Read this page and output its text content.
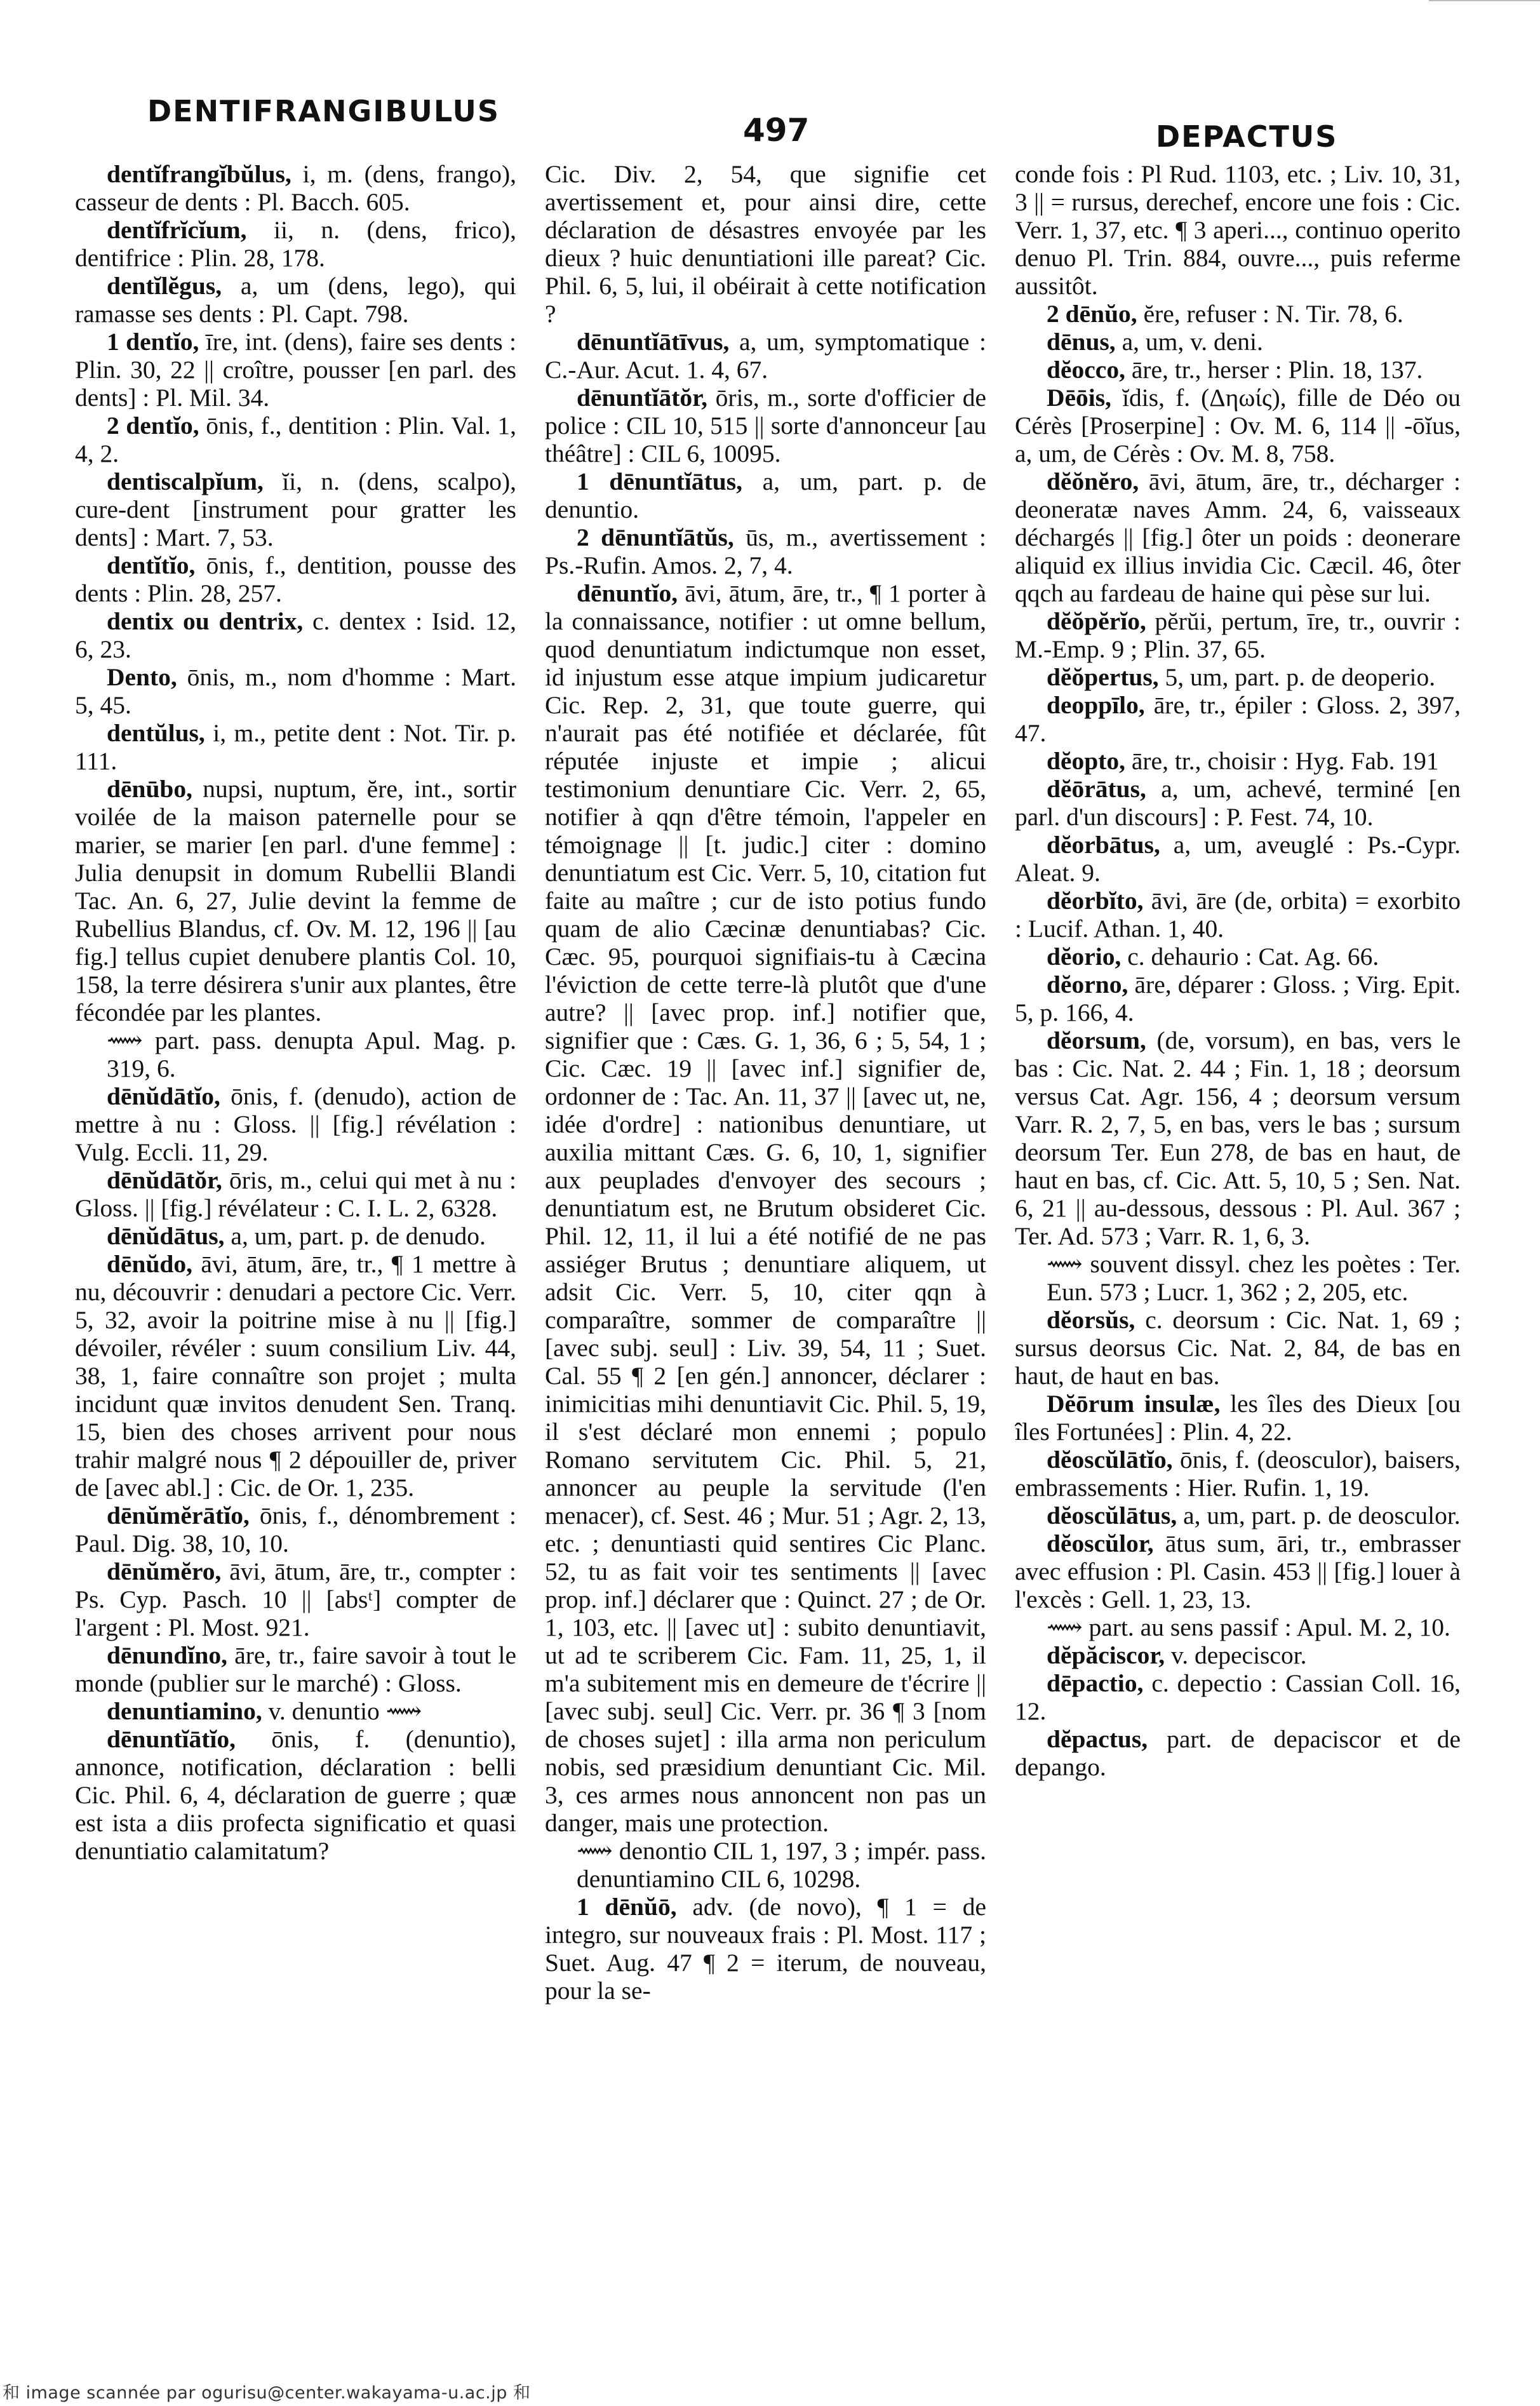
DENTIFRANGIBULUS
497	DEPACTUS

dentĭfrangĭbŭlus, i, m. (dens, frango), casseur de dents : Pl. Bacch. 605.

dentĭfrĭcĭum, ii, n. (dens, frico), dentifrice : Plin. 28, 178.

dentĭlĕgus, a, um (dens, lego), qui ramasse ses dents : Pl. Capt. 798.

1 dentĭo, īre, int. (dens), faire ses dents : Plin. 30, 22 || croître, pousser [en parl. des dents] : Pl. Mil. 34.

2 dentĭo, ōnis, f., dentition : Plin. Val. 1, 4, 2.

dentiscalpĭum, ĭi, n. (dens, scalpo), cure-dent [instrument pour gratter les dents] : Mart. 7, 53.

dentĭtĭo, ōnis, f., dentition, pousse des dents : Plin. 28, 257.

dentix ou dentrix, c. dentex : Isid. 12, 6, 23.

Dento, ōnis, m., nom d'homme : Mart. 5, 45.

dentŭlus, i, m., petite dent : Not. Tir. p. 111.

dēnūbo, nupsi, nuptum, ĕre, int., sortir voilée de la maison paternelle pour se marier, se marier [en parl. d'une femme] : Julia denupsit in domum Rubellii Blandi Tac. An. 6, 27, Julie devint la femme de Rubellius Blandus, cf. Ov. M. 12, 196 || [au fig.] tellus cupiet denubere plantis Col. 10, 158, la terre désirera s'unir aux plantes, être fécondée par les plantes.

⟿ part. pass. denupta Apul. Mag. p. 319, 6.

dēnŭdātĭo, ōnis, f. (denudo), action de mettre à nu : Gloss. || [fig.] révélation : Vulg. Eccli. 11, 29.

dēnŭdātŏr, ōris, m., celui qui met à nu : Gloss. || [fig.] révélateur : C. I. L. 2, 6328.

dēnŭdātus, a, um, part. p. de denudo.

dēnŭdo, āvi, ātum, āre, tr., ¶ 1 mettre à nu, découvrir : denudari a pectore Cic. Verr. 5, 32, avoir la poitrine mise à nu || [fig.] dévoiler, révéler : suum consilium Liv. 44, 38, 1, faire connaître son projet ; multa incidunt quæ invitos denudent Sen. Tranq. 15, bien des choses arrivent pour nous trahir malgré nous ¶ 2 dépouiller de, priver de [avec abl.] : Cic. de Or. 1, 235.

dēnŭmĕrātĭo, ōnis, f., dénombrement : Paul. Dig. 38, 10, 10.

dēnŭmĕro, āvi, ātum, āre, tr., compter : Ps. Cyp. Pasch. 10 || [absᵗ] compter de l'argent : Pl. Most. 921.

dēnundĭno, āre, tr., faire savoir à tout le monde (publier sur le marché) : Gloss.

denuntiamino, v. denuntio ⟿

dēnuntĭātĭo, ōnis, f. (denuntio), annonce, notification, déclaration : belli Cic. Phil. 6, 4, déclaration de guerre ; quæ est ista a diis profecta significatio et quasi denuntiatio calamitatum?

Cic. Div. 2, 54, que signifie cet avertissement et, pour ainsi dire, cette déclaration de désastres envoyée par les dieux ? huic denuntiationi ille pareat? Cic. Phil. 6, 5, lui, il obéirait à cette notification ?

dēnuntĭātīvus, a, um, symptomatique : C.-Aur. Acut. 1. 4, 67.

dēnuntĭātŏr, ōris, m., sorte d'officier de police : CIL 10, 515 || sorte d'annonceur [au théâtre] : CIL 6, 10095.

1 dēnuntĭātus, a, um, part. p. de denuntio.

2 dēnuntĭātŭs, ūs, m., avertissement : Ps.-Rufin. Amos. 2, 7, 4.

dēnuntĭo, āvi, ātum, āre, tr., ¶ 1 porter à la connaissance, notifier : ut omne bellum, quod denuntiatum indictumque non esset, id injustum esse atque impium judicaretur Cic. Rep. 2, 31, que toute guerre, qui n'aurait pas été notifiée et déclarée, fût réputée injuste et impie ; alicui testimonium denuntiare Cic. Verr. 2, 65, notifier à qqn d'être témoin, l'appeler en témoignage || [t. judic.] citer : domino denuntiatum est Cic. Verr. 5, 10, citation fut faite au maître ; cur de isto potius fundo quam de alio Cæcinæ denuntiabas? Cic. Cæc. 95, pourquoi signifiais-tu à Cæcina l'éviction de cette terre-là plutôt que d'une autre? || [avec prop. inf.] notifier que, signifier que : Cæs. G. 1, 36, 6 ; 5, 54, 1 ; Cic. Cæc. 19 || [avec inf.] signifier de, ordonner de : Tac. An. 11, 37 || [avec ut, ne, idée d'ordre] : nationibus denuntiare, ut auxilia mittant Cæs. G. 6, 10, 1, signifier aux peuplades d'envoyer des secours ; denuntiatum est, ne Brutum obsideret Cic. Phil. 12, 11, il lui a été notifié de ne pas assiéger Brutus ; denuntiare aliquem, ut adsit Cic. Verr. 5, 10, citer qqn à comparaître, sommer de comparaître || [avec subj. seul] : Liv. 39, 54, 11 ; Suet. Cal. 55 ¶ 2 [en gén.] annoncer, déclarer : inimicitias mihi denuntiavit Cic. Phil. 5, 19, il s'est déclaré mon ennemi ; populo Romano servitutem Cic. Phil. 5, 21, annoncer au peuple la servitude (l'en menacer), cf. Sest. 46 ; Mur. 51 ; Agr. 2, 13, etc. ; denuntiasti quid sentires Cic Planc. 52, tu as fait voir tes sentiments || [avec prop. inf.] déclarer que : Quinct. 27 ; de Or. 1, 103, etc. || [avec ut] : subito denuntiavit, ut ad te scriberem Cic. Fam. 11, 25, 1, il m'a subitement mis en demeure de t'écrire || [avec subj. seul] Cic. Verr. pr. 36 ¶ 3 [nom de choses sujet] : illa arma non periculum nobis, sed præsidium denuntiant Cic. Mil. 3, ces armes nous annoncent non pas un danger, mais une protection.

⟿ denontio CIL 1, 197, 3 ; impér. pass. denuntiamino CIL 6, 10298.

1 dēnŭō, adv. (de novo), ¶ 1 = de integro, sur nouveaux frais : Pl. Most. 117 ; Suet. Aug. 47 ¶ 2 = iterum, de nouveau, pour la se-

conde fois : Pl Rud. 1103, etc. ; Liv. 10, 31, 3 || = rursus, derechef, encore une fois : Cic. Verr. 1, 37, etc. ¶ 3 aperi..., continuo operito denuo Pl. Trin. 884, ouvre..., puis referme aussitôt.

2 dēnŭo, ĕre, refuser : N. Tir. 78, 6.

dēnus, a, um, v. deni.

dĕocco, āre, tr., herser : Plin. 18, 137.

Dēōis, ĭdis, f. (Δηωίς), fille de Déo ou Cérès [Proserpine] : Ov. M. 6, 114 || -ōĭus, a, um, de Cérès : Ov. M. 8, 758.

dĕŏnĕro, āvi, ātum, āre, tr., décharger : deoneratæ naves Amm. 24, 6, vaisseaux déchargés || [fig.] ôter un poids : deonerare aliquid ex illius invidia Cic. Cæcil. 46, ôter qqch au fardeau de haine qui pèse sur lui.

dĕŏpĕrĭo, pĕrŭi, pertum, īre, tr., ouvrir : M.-Emp. 9 ; Plin. 37, 65.

dĕŏpertus, 5, um, part. p. de deoperio.

deoppīlo, āre, tr., épiler : Gloss. 2, 397, 47.

dĕopto, āre, tr., choisir : Hyg. Fab. 191

dĕōrātus, a, um, achevé, terminé [en parl. d'un discours] : P. Fest. 74, 10.

dĕorbātus, a, um, aveuglé : Ps.-Cypr. Aleat. 9.

dĕorbĭto, āvi, āre (de, orbita) = exorbito : Lucif. Athan. 1, 40.

dĕorio, c. dehaurio : Cat. Ag. 66.

dĕorno, āre, déparer : Gloss. ; Virg. Epit. 5, p. 166, 4.

dĕorsum, (de, vorsum), en bas, vers le bas : Cic. Nat. 2. 44 ; Fin. 1, 18 ; deorsum versus Cat. Agr. 156, 4 ; deorsum versum Varr. R. 2, 7, 5, en bas, vers le bas ; sursum deorsum Ter. Eun 278, de bas en haut, de haut en bas, cf. Cic. Att. 5, 10, 5 ; Sen. Nat. 6, 21 || au-dessous, dessous : Pl. Aul. 367 ; Ter. Ad. 573 ; Varr. R. 1, 6, 3.

⟿ souvent dissyl. chez les poètes : Ter. Eun. 573 ; Lucr. 1, 362 ; 2, 205, etc.

dĕorsŭs, c. deorsum : Cic. Nat. 1, 69 ; sursus deorsus Cic. Nat. 2, 84, de bas en haut, de haut en bas.

Dĕōrum insulæ, les îles des Dieux [ou îles Fortunées] : Plin. 4, 22.

dĕoscŭlātĭo, ōnis, f. (deosculor), baisers, embrassements : Hier. Rufin. 1, 19.

dĕoscŭlātus, a, um, part. p. de deosculor.

dĕoscŭlor, ātus sum, āri, tr., embrasser avec effusion : Pl. Casin. 453 || [fig.] louer à l'excès : Gell. 1, 23, 13.

⟿ part. au sens passif : Apul. M. 2, 10.

dĕpăciscor, v. depeciscor.

dēpactio, c. depectio : Cassian Coll. 16, 12.

dĕpactus, part. de depaciscor et de depango.

和 image scannée par ogurisu@center.wakayama-u.ac.jp 和
